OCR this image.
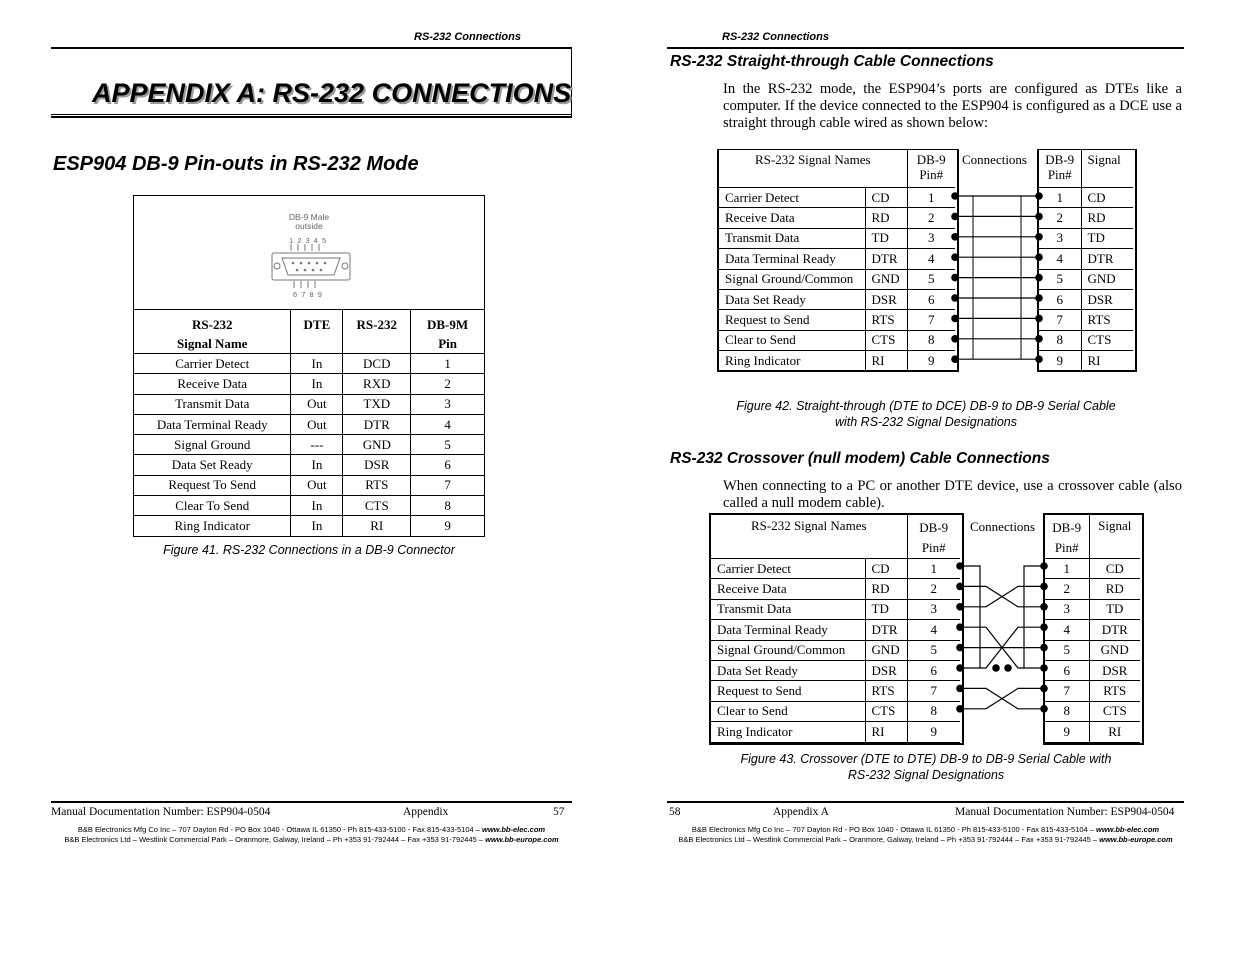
RS-232 Connections
APPENDIX A: RS-232 CONNECTIONS
ESP904 DB-9 Pin-outs in RS-232 Mode
DB-9 Male
outside
1 2 3 4 5
6 7 8 9
RS-232
Signal Name	DTE	RS-232	DB-9M
Pin
Carrier Detect	In	DCD	1
Receive Data	In	RXD	2
Transmit Data	Out	TXD	3
Data Terminal Ready	Out	DTR	4
Signal Ground	---	GND	5
Data Set Ready	In	DSR	6
Request To Send	Out	RTS	7
Clear To Send	In	CTS	8
Ring Indicator	In	RI	9
Figure 41. RS-232 Connections in a DB-9 Connector
Manual Documentation Number: ESP904-0504	Appendix	57
B&B Electronics Mfg Co Inc – 707 Dayton Rd - PO Box 1040 - Ottawa IL 61350 - Ph 815-433-5100 - Fax 815-433-5104 – www.bb-elec.com
B&B Electronics Ltd – Westlink Commercial Park – Oranmore, Galway, Ireland – Ph +353 91-792444 – Fax +353 91-792445 – www.bb-europe.com
RS-232 Connections
RS-232 Straight-through Cable Connections
In the RS-232 mode, the ESP904’s ports are configured as DTEs like a computer. If the device connected to the ESP904 is configured as a DCE use a straight through cable wired as shown below:
RS-232 Signal Names		DB-9
Pin#
Carrier Detect	CD	1
Receive Data	RD	2
Transmit Data	TD	3
Data Terminal Ready	DTR	4
Signal Ground/Common	GND	5
Data Set Ready	DSR	6
Request to Send	RTS	7
Clear to Send	CTS	8
Ring Indicator	RI	9
Connections DB-9
Pin#	Signal
1	CD
2	RD
3	TD
4	DTR
5	GND
6	DSR
7	RTS
8	CTS
9	RI
Figure 42. Straight-through (DTE to DCE) DB-9 to DB-9 Serial Cable
with RS-232 Signal Designations
RS-232 Crossover (null modem) Cable Connections
When connecting to a PC or another DTE device, use a crossover cable (also called a null modem cable).
RS-232 Signal Names		DB-9
Pin#
Carrier Detect	CD	1
Receive Data	RD	2
Transmit Data	TD	3
Data Terminal Ready	DTR	4
Signal Ground/Common	GND	5
Data Set Ready	DSR	6
Request to Send	RTS	7
Clear to Send	CTS	8
Ring Indicator	RI	9
Connections DB-9
Pin#	Signal
1	CD
2	RD
3	TD
4	DTR
5	GND
6	DSR
7	RTS
8	CTS
9	RI
Figure 43. Crossover (DTE to DTE) DB-9 to DB-9 Serial Cable with
RS-232 Signal Designations
58	Appendix A	Manual Documentation Number: ESP904-0504
B&B Electronics Mfg Co Inc – 707 Dayton Rd - PO Box 1040 - Ottawa IL 61350 - Ph 815-433-5100 - Fax 815-433-5104 – www.bb-elec.com
B&B Electronics Ltd – Westlink Commercial Park – Oranmore, Galway, Ireland – Ph +353 91-792444 – Fax +353 91-792445 – www.bb-europe.com
